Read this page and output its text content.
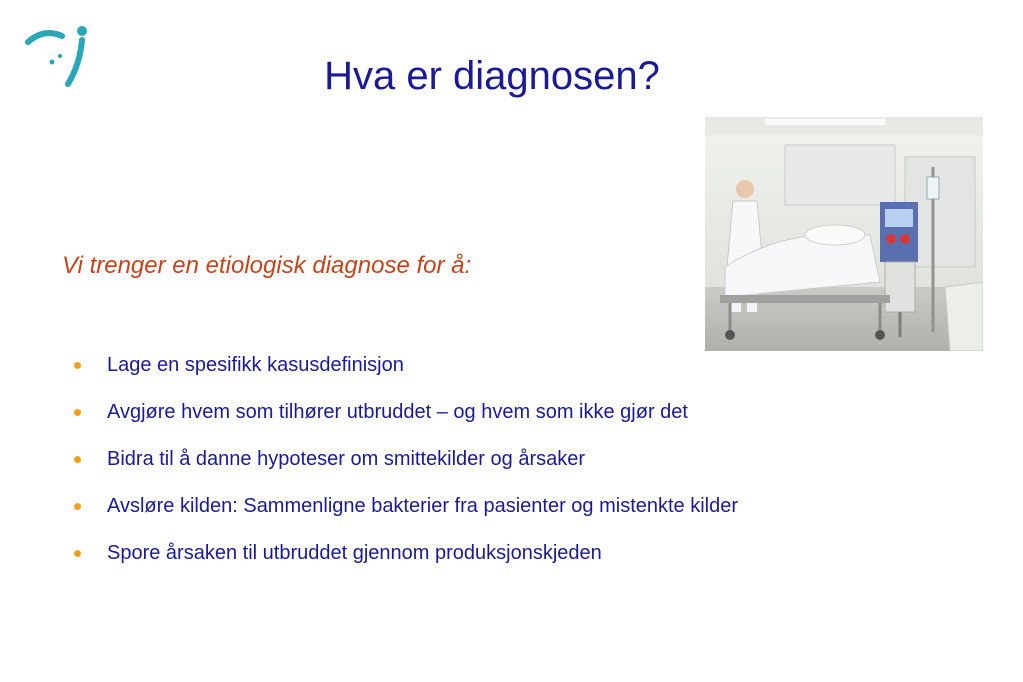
Hva er diagnosen?
Vi trenger en etiologisk diagnose for å:
Lage en spesifikk kasusdefinisjon
Avgjøre hvem som tilhører utbruddet – og hvem som ikke gjør det
Bidra til å danne hypoteser om smittekilder og årsaker
Avsløre kilden: Sammenligne bakterier fra pasienter og mistenkte kilder
Spore årsaken til utbruddet gjennom produksjonskjeden
